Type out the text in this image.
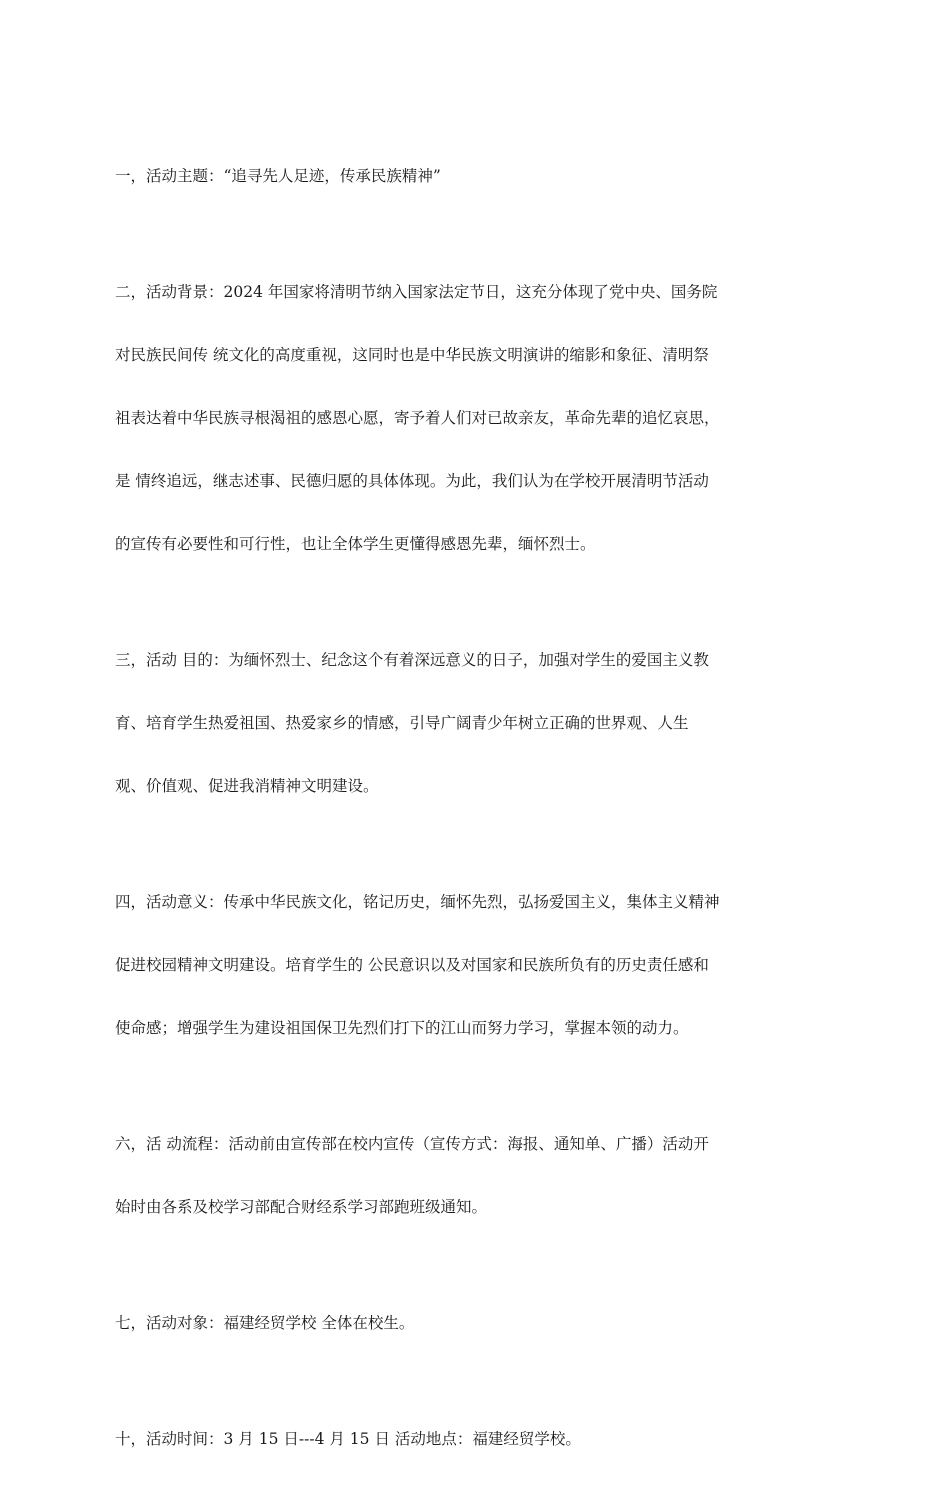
一，活动主题：“追寻先人足迹，传承民族精神”

二，活动背景：2024 年国家将清明节纳入国家法定节日，这充分体现了党中央、国务院

对民族民间传 统文化的高度重视，这同时也是中华民族文明演讲的缩影和象征、清明祭

祖表达着中华民族寻根渴祖的感恩心愿，寄予着人们对已故亲友，革命先辈的追忆哀思，

是 情终追远，继志述事、民德归愿的具体体现。为此，我们认为在学校开展清明节活动

的宣传有必要性和可行性，也让全体学生更懂得感恩先辈，缅怀烈士。

三，活动 目的：为缅怀烈士、纪念这个有着深远意义的日子，加强对学生的爱国主义教

育、培育学生热爱祖国、热爱家乡的情感，引导广阔青少年树立正确的世界观、人生

观、价值观、促进我消精神文明建设。

四，活动意义：传承中华民族文化，铭记历史，缅怀先烈，弘扬爱国主义，集体主义精神

促进校园精神文明建设。培育学生的 公民意识以及对国家和民族所负有的历史责任感和

使命感；增强学生为建设祖国保卫先烈们打下的江山而努力学习，掌握本领的动力。

六，活 动流程：活动前由宣传部在校内宣传（宣传方式：海报、通知单、广播）活动开

始时由各系及校学习部配合财经系学习部跑班级通知。

七，活动对象：福建经贸学校 全体在校生。

十，活动时间：3 月 15 日---4 月 15 日 活动地点：福建经贸学校。
